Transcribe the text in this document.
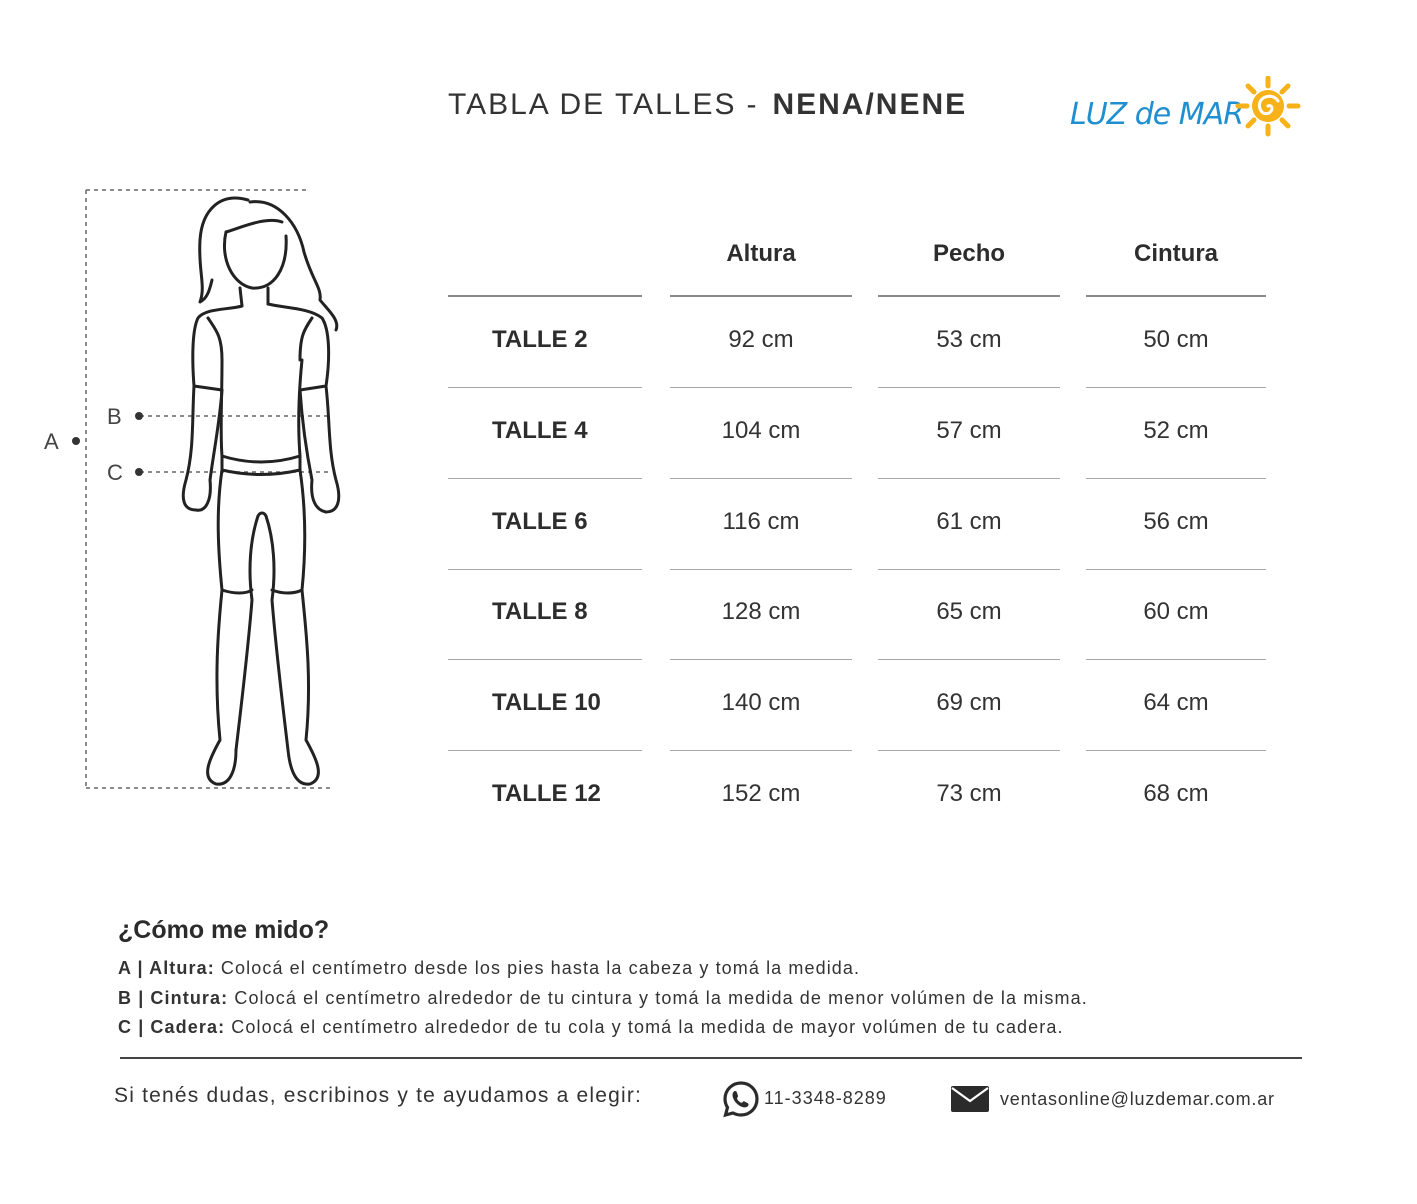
TABLA DE TALLES - NENA/NENE	LUZ de MAR
A
B
C
Altura	Pecho	Cintura
TALLE 2	92 cm	53 cm	50 cm
TALLE 4	104 cm	57 cm	52 cm
TALLE 6	116 cm	61 cm	56 cm
TALLE 8	128 cm	65 cm	60 cm
TALLE 10	140 cm	69 cm	64 cm
TALLE 12	152 cm	73 cm	68 cm
¿Cómo me mido?
A | Altura: Colocá el centímetro desde los pies hasta la cabeza y tomá la medida.
B | Cintura: Colocá el centímetro alrededor de tu cintura y tomá la medida de menor volúmen de la misma.
C | Cadera: Colocá el centímetro alrededor de tu cola y tomá la medida de mayor volúmen de tu cadera.
Si tenés dudas, escribinos y te ayudamos a elegir:	11-3348-8289	ventasonline@luzdemar.com.ar
